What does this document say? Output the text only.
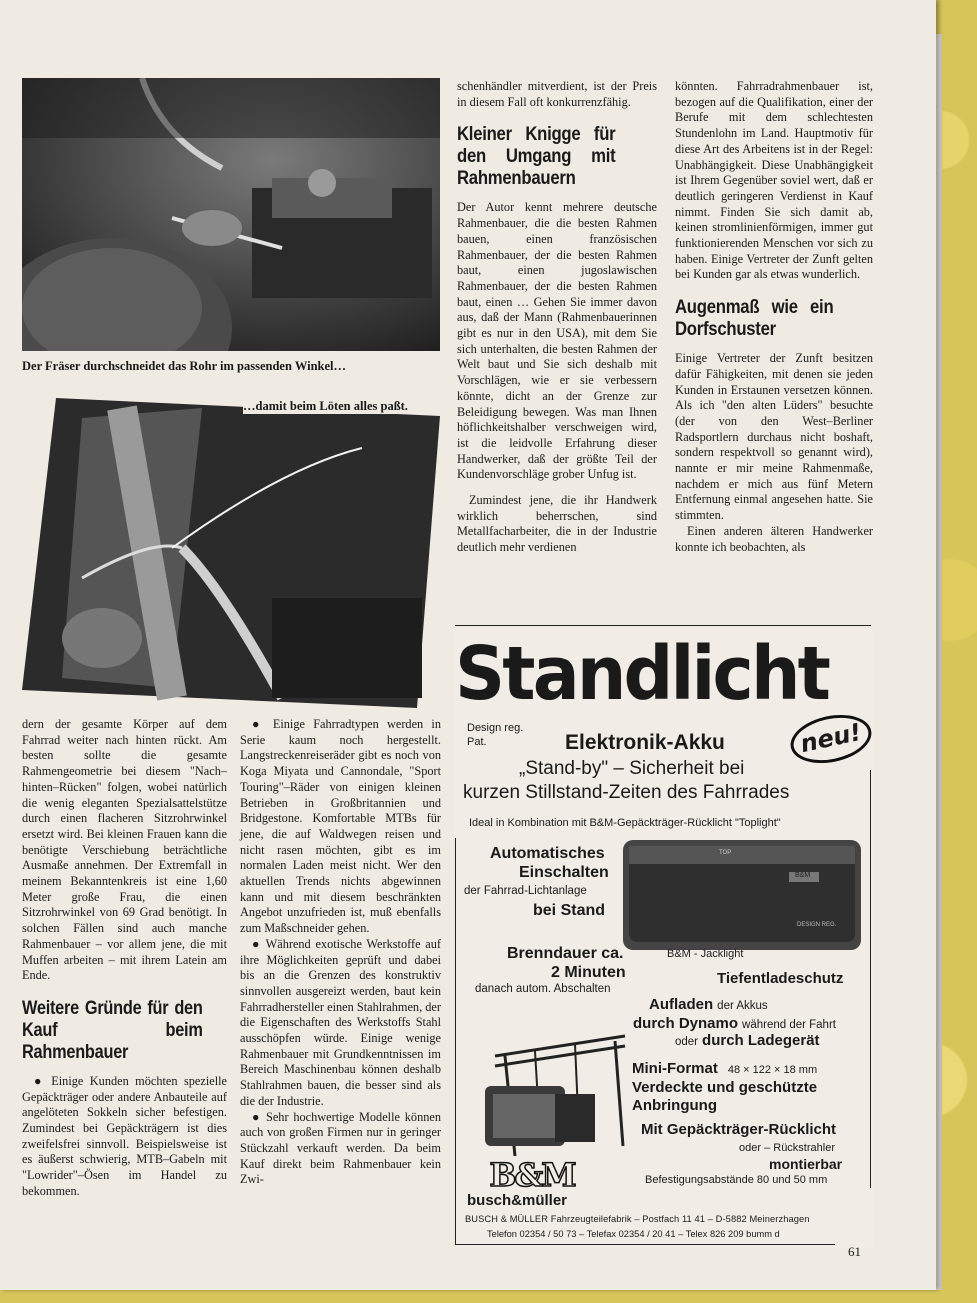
Der Fräser durchschneidet das Rohr im passenden Winkel…
…damit beim Löten alles paßt.

dern der gesamte Körper auf dem Fahrrad weiter nach hinten rückt. Am besten sollte die gesamte Rahmengeometrie bei diesem "Nach–hinten–Rücken" folgen, wobei natürlich die wenig eleganten Spezialsattelstütze durch einen flacheren Sitzrohrwinkel ersetzt wird. Bei kleinen Frauen kann die benötigte Verschiebung beträchtliche Ausmaße annehmen. Der Extremfall in meinem Bekanntenkreis ist eine 1,60 Meter große Frau, die einen Sitzrohrwinkel von 69 Grad benötigt. In solchen Fällen sind auch manche Rahmenbauer – vor allem jene, die mit Muffen arbeiten – mit ihrem Latein am Ende.

Weitere Gründe für den Kauf beim Rahmenbauer

● Einige Kunden möchten spezielle Gepäckträger oder andere Anbauteile auf angelöteten Sokkeln sicher befestigen. Zumindest bei Gepäckträgern ist dies zweifelsfrei sinnvoll. Beispielsweise ist es äußerst schwierig, MTB–Gabeln mit "Lowrider"–Ösen im Handel zu bekommen.

● Einige Fahrradtypen werden in Serie kaum noch hergestellt. Langstreckenreiseräder gibt es noch von Koga Miyata und Cannondale, "Sport Touring"–Räder von einigen kleinen Betrieben in Großbritannien und Bridgestone. Komfortable MTBs für jene, die auf Waldwegen reisen und nicht rasen möchten, gibt es im normalen Laden meist nicht. Wer den aktuellen Trends nichts abgewinnen kann und mit diesem beschränkten Angebot unzufrieden ist, muß ebenfalls zum Maßschneider gehen.

● Während exotische Werkstoffe auf ihre Möglichkeiten geprüft und dabei bis an die Grenzen des konstruktiv sinnvollen ausgereizt werden, baut kein Fahrradhersteller einen Stahlrahmen, der die Eigenschaften des Werkstoffs Stahl ausschöpfen würde. Einige wenige Rahmenbauer mit Grundkenntnissen im Bereich Maschinenbau können deshalb Stahlrahmen bauen, die besser sind als die der Industrie.

● Sehr hochwertige Modelle können auch von großen Firmen nur in geringer Stückzahl verkauft werden. Da beim Kauf direkt beim Rahmenbauer kein Zwi-

schenhändler mitverdient, ist der Preis in diesem Fall oft konkurrenzfähig.

Kleiner Knigge für den Umgang mit Rahmenbauern

Der Autor kennt mehrere deutsche Rahmenbauer, die die besten Rahmen bauen, einen französischen Rahmenbauer, der die besten Rahmen baut, einen jugoslawischen Rahmenbauer, der die besten Rahmen baut, einen … Gehen Sie immer davon aus, daß der Mann (Rahmenbauerinnen gibt es nur in den USA), mit dem Sie sich unterhalten, die besten Rahmen der Welt baut und Sie sich deshalb mit Vorschlägen, wie er sie verbessern könnte, dicht an der Grenze zur Beleidigung bewegen. Was man Ihnen höflichkeitshalber verschweigen wird, ist die leidvolle Erfahrung dieser Handwerker, daß der größte Teil der Kundenvorschläge grober Unfug ist.

Zumindest jene, die ihr Handwerk wirklich beherrschen, sind Metallfacharbeiter, die in der Industrie deutlich mehr verdienen

könnten. Fahrradrahmenbauer ist, bezogen auf die Qualifikation, einer der Berufe mit dem schlechtesten Stundenlohn im Land. Hauptmotiv für diese Art des Arbeitens ist in der Regel: Unabhängigkeit. Diese Unabhängigkeit ist Ihrem Gegenüber soviel wert, daß er deutlich geringeren Verdienst in Kauf nimmt. Finden Sie sich damit ab, keinen stromlinienförmigen, immer gut funktionierenden Menschen vor sich zu haben. Einige Vertreter der Zunft gelten bei Kunden gar als etwas wunderlich.

Augenmaß wie ein Dorfschuster

Einige Vertreter der Zunft besitzen dafür Fähigkeiten, mit denen sie jeden Kunden in Erstaunen versetzen können. Als ich "den alten Lüders" besuchte (der von den West–Berliner Radsportlern durchaus nicht boshaft, sondern respektvoll so genannt wird), nannte er mir meine Rahmenmaße, nachdem er mich aus fünf Metern Entfernung einmal angesehen hatte. Sie stimmten.

Einen anderen älteren Handwerker konnte ich beobachten, als

Standlicht
Design reg.
Pat.	neu!
Elektronik-Akku
„Stand-by" – Sicherheit bei
kurzen Stillstand-Zeiten des Fahrrades
Ideal in Kombination mit B&M-Gepäckträger-Rücklicht "Toplight"
Automatisches
Einschalten
der Fahrrad-Lichtanlage
bei Stand
TOP
B&M
DESIGN REG.
B&M - Jacklight
Brenndauer ca.
2 Minuten
danach autom. Abschalten
Tiefentladeschutz
Aufladen der Akkus
durch Dynamo während der Fahrt
oder durch Ladegerät
Mini-Format 48 × 122 × 18 mm
Verdeckte und geschützte
Anbringung
Mit Gepäckträger-Rücklicht
oder – Rückstrahler
montierbar
Befestigungsabstände 80 und 50 mm
B&M
busch&müller
BUSCH & MÜLLER Fahrzeugteilefabrik – Postfach 11 41 – D-5882 Meinerzhagen
Telefon 02354 / 50 73 – Telefax 02354 / 20 41 – Telex 826 209 bumm d
61
